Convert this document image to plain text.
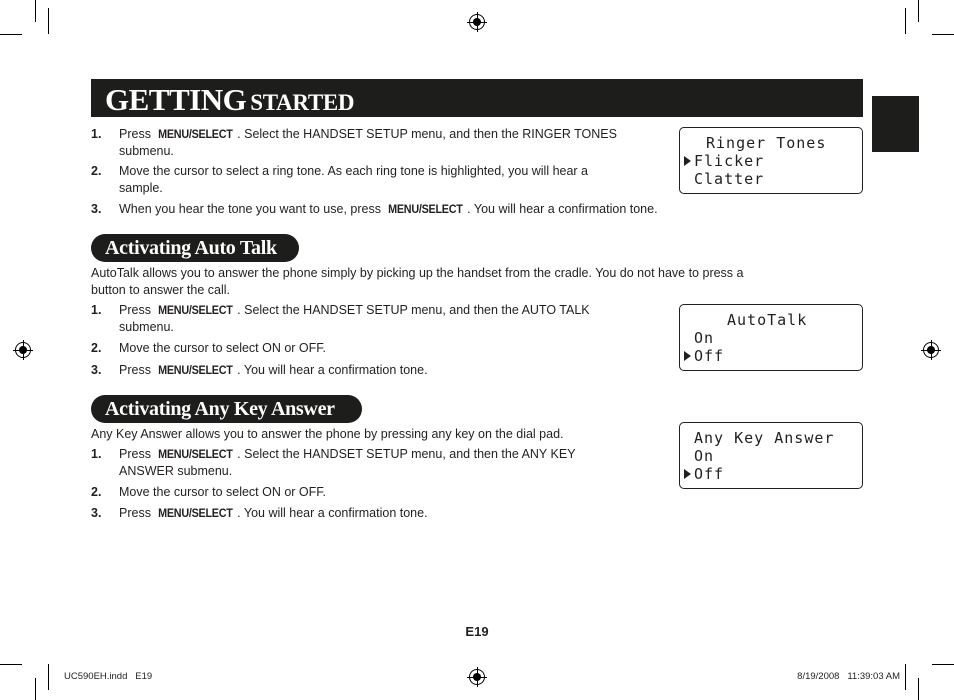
GETTING STARTED
1. Press MENU/SELECT . Select the HANDSET SETUP menu, and then the RINGER TONES
submenu.
2. Move the cursor to select a ring tone. As each ring tone is highlighted, you will hear a
sample.
3. When you hear the tone you want to use, press MENU/SELECT . You will hear a confirmation tone.
Ringer Tones
Flicker
Clatter
Activating Auto Talk
AutoTalk allows you to answer the phone simply by picking up the handset from the cradle. You do not have to press a
button to answer the call.
1. Press MENU/SELECT . Select the HANDSET SETUP menu, and then the AUTO TALK
submenu.
2. Move the cursor to select ON or OFF.
3. Press MENU/SELECT . You will hear a confirmation tone.
AutoTalk
On
Off
Activating Any Key Answer
Any Key Answer allows you to answer the phone by pressing any key on the dial pad.
1. Press MENU/SELECT . Select the HANDSET SETUP menu, and then the ANY KEY
ANSWER submenu.
2. Move the cursor to select ON or OFF.
3. Press MENU/SELECT . You will hear a confirmation tone.
Any Key Answer
On
Off
E19
UC590EH.indd   E19	8/19/2008   11:39:03 AM
